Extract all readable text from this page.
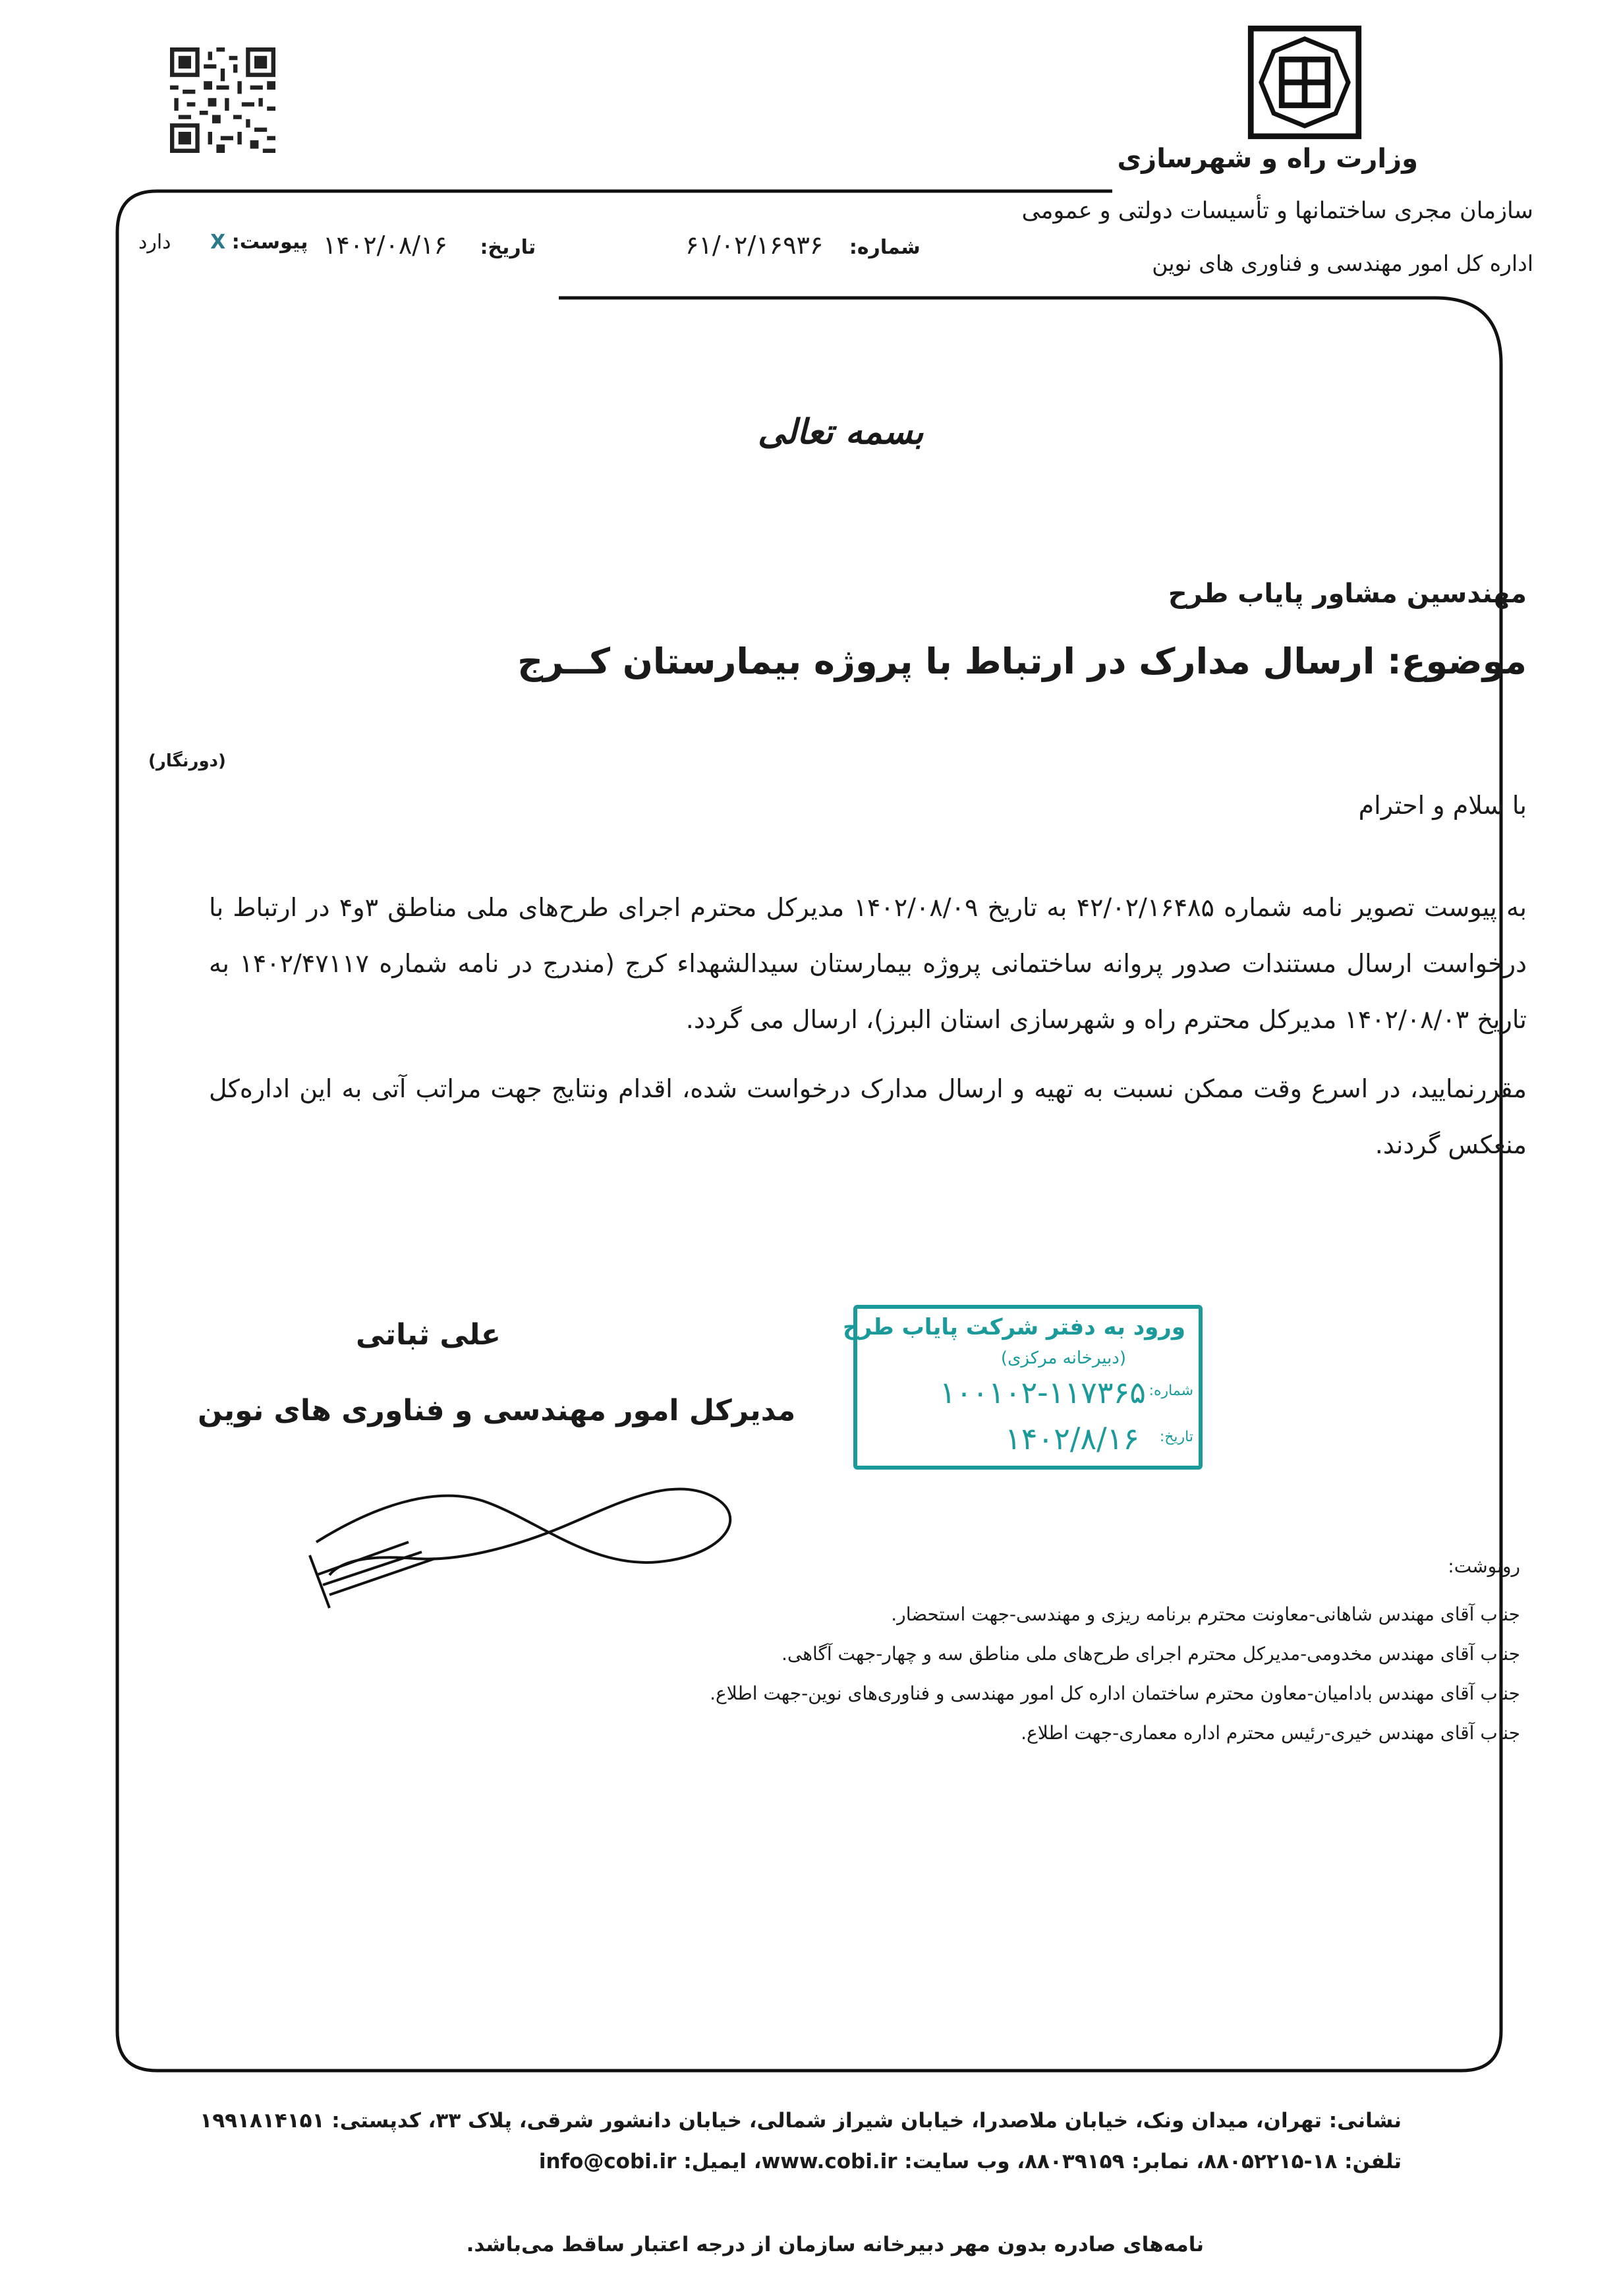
وزارت راه و شهرسازی
سازمان مجری ساختمانها و تأسیسات دولتی و عمومی
اداره کل امور مهندسی و فناوری های نوین
شماره: ۶۱/۰۲/۱۶۹۳۶
تاریخ: ۱۴۰۲/۰۸/۱۶
پیوست: X دارد
بسمه تعالی
مهندسین مشاور پایاب طرح
موضوع: ارسال مدارک در ارتباط با پروژه بیمارستان کــرج
(دورنگار)
با سلام و احترام
به پیوست تصویر نامه شماره ۴۲/۰۲/۱۶۴۸۵ به تاریخ ۱۴۰۲/۰۸/۰۹ مدیرکل محترم اجرای طرح‌های ملی مناطق ۳و۴ در ارتباط با درخواست ارسال مستندات صدور پروانه ساختمانی پروژه بیمارستان سیدالشهداء کرج (مندرج در نامه شماره ۱۴۰۲/۴۷۱۱۷ به تاریخ ۱۴۰۲/۰۸/۰۳ مدیرکل محترم راه و شهرسازی استان البرز)، ارسال می گردد.
مقررنمایید، در اسرع وقت ممکن نسبت به تهیه و ارسال مدارک درخواست شده، اقدام ونتایج جهت مراتب آتی به این اداره‌کل منعکس گردند.
علی ثباتی
مدیرکل امور مهندسی و فناوری های نوین
ورود به دفتر شرکت پایاب طرح
(دبیرخانه مرکزی)
شماره:
۱۰۰۱۰۲-۱۱۷۳۶۵
تاریخ:
۱۴۰۲/۸/۱۶
رونوشت:
جناب آقای مهندس شاهانی-معاونت محترم برنامه ریزی و مهندسی-جهت استحضار.
جناب آقای مهندس مخدومی-مدیرکل محترم اجرای طرح‌های ملی مناطق سه و چهار-جهت آگاهی.
جناب آقای مهندس بادامیان-معاون محترم ساختمان اداره کل امور مهندسی و فناوری‌های نوین-جهت اطلاع.
جناب آقای مهندس خیری-رئیس محترم اداره معماری-جهت اطلاع.
نشانی: تهران، میدان ونک، خیابان ملاصدرا، خیابان شیراز شمالی، خیابان دانشور شرقی، پلاک ۳۳، کدپستی: ۱۹۹۱۸۱۴۱۵۱
تلفن: ۱۸-۸۸۰۵۲۲۱۵، نمابر: ۸۸۰۳۹۱۵۹، وب سایت: www.cobi.ir، ایمیل: info@cobi.ir
نامه‌های صادره بدون مهر دبیرخانه سازمان از درجه اعتبار ساقط می‌باشد.
